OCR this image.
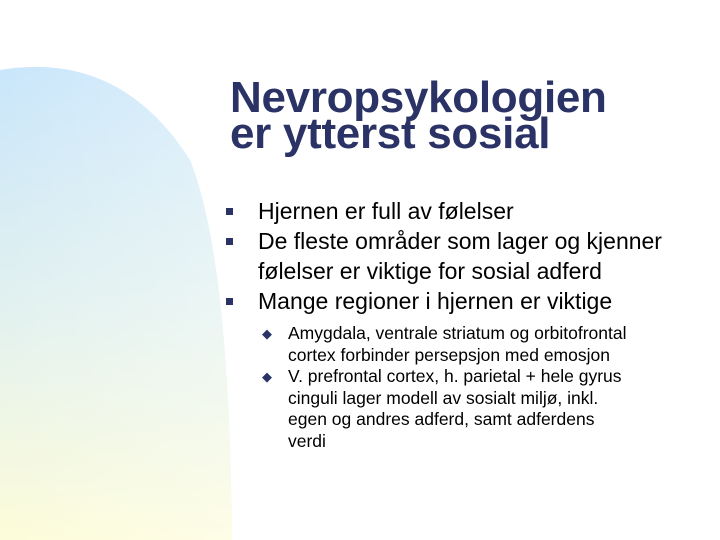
Nevropsykologien
er ytterst sosial
Hjernen er full av følelser
De fleste områder som lager og kjenner
følelser er viktige for sosial adferd
Mange regioner i hjernen er viktige
◆ Amygdala, ventrale striatum og orbitofrontal
cortex forbinder persepsjon med emosjon
◆ V. prefrontal cortex, h. parietal + hele gyrus
cinguli lager modell av sosialt miljø, inkl.
egen og andres adferd, samt adferdens
verdi
